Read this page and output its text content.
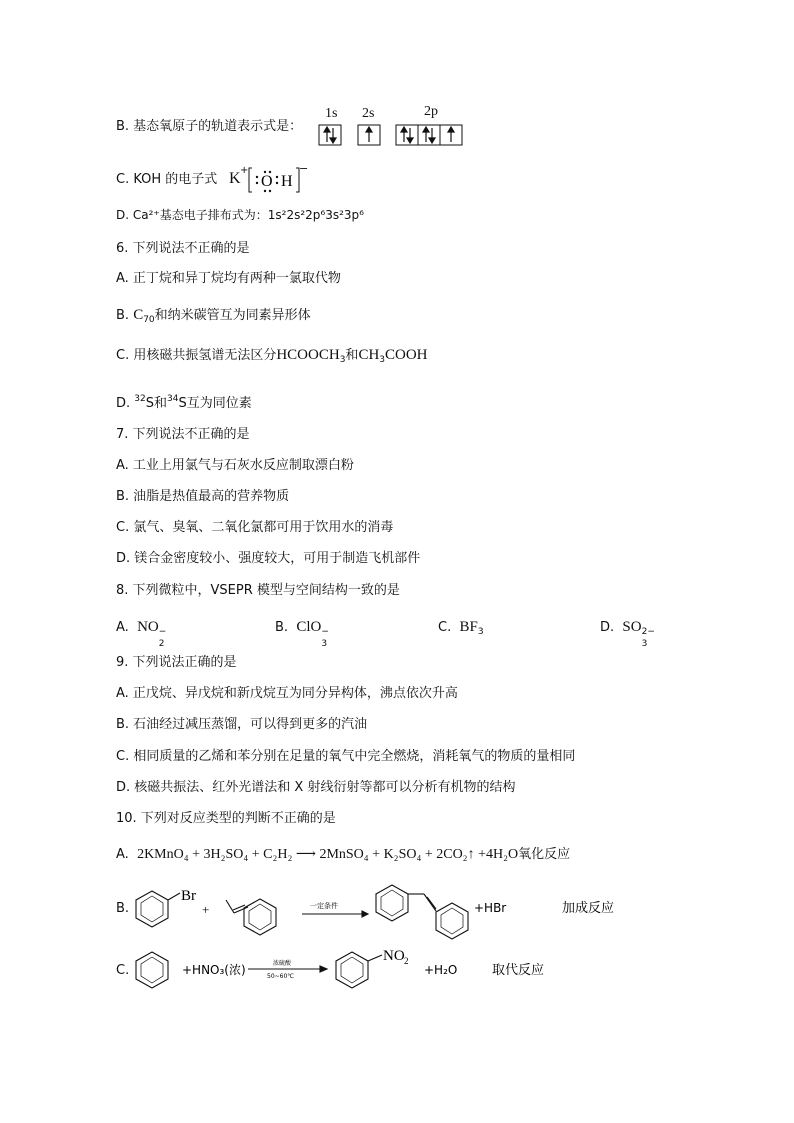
B. 基态氧原子的轨道表示式是：
1s 2s	2p
C. KOH 的电子式 K +
O H
−
D. Ca²⁺基态电子排布式为：1s²2s²2p⁶3s²3p⁶
6. 下列说法不正确的是
A. 正丁烷和异丁烷均有两种一氯取代物
B. $C_{70}$和纳米碳管互为同素异形体
C. 用核磁共振氢谱无法区分$HCOOCH_3$和$CH_3COOH$
D. $^{32}$S和$^{34}$S互为同位素
7. 下列说法不正确的是
A. 工业上用氯气与石灰水反应制取漂白粉
B. 油脂是热值最高的营养物质
C. 氯气、臭氧、二氧化氯都可用于饮用水的消毒
D. 镁合金密度较小、强度较大，可用于制造飞机部件
8. 下列微粒中，VSEPR 模型与空间结构一致的是
A. NO −
2
B. ClO −
3
C. $BF_3$	D. SO 2−
3
9. 下列说法正确的是
A. 正戊烷、异戊烷和新戊烷互为同分异构体，沸点依次升高
B. 石油经过减压蒸馏，可以得到更多的汽油
C. 相同质量的乙烯和苯分别在足量的氧气中完全燃烧，消耗氧气的物质的量相同
D. 核磁共振法、红外光谱法和 X 射线衍射等都可以分析有机物的结构
10. 下列对反应类型的判断不正确的是
A. 2KMnO₄ + 3H₂SO₄ + C₂H₂ ⟶ 2MnSO₄ + K₂SO₄ + 2CO₂↑ +4H₂O氧化反应
B.
Br
+	一定条件	+HBr	加成反应
C.	+HNO₃(浓)	浓硫酸
50~60℃
NO 2
+H₂O	取代反应
